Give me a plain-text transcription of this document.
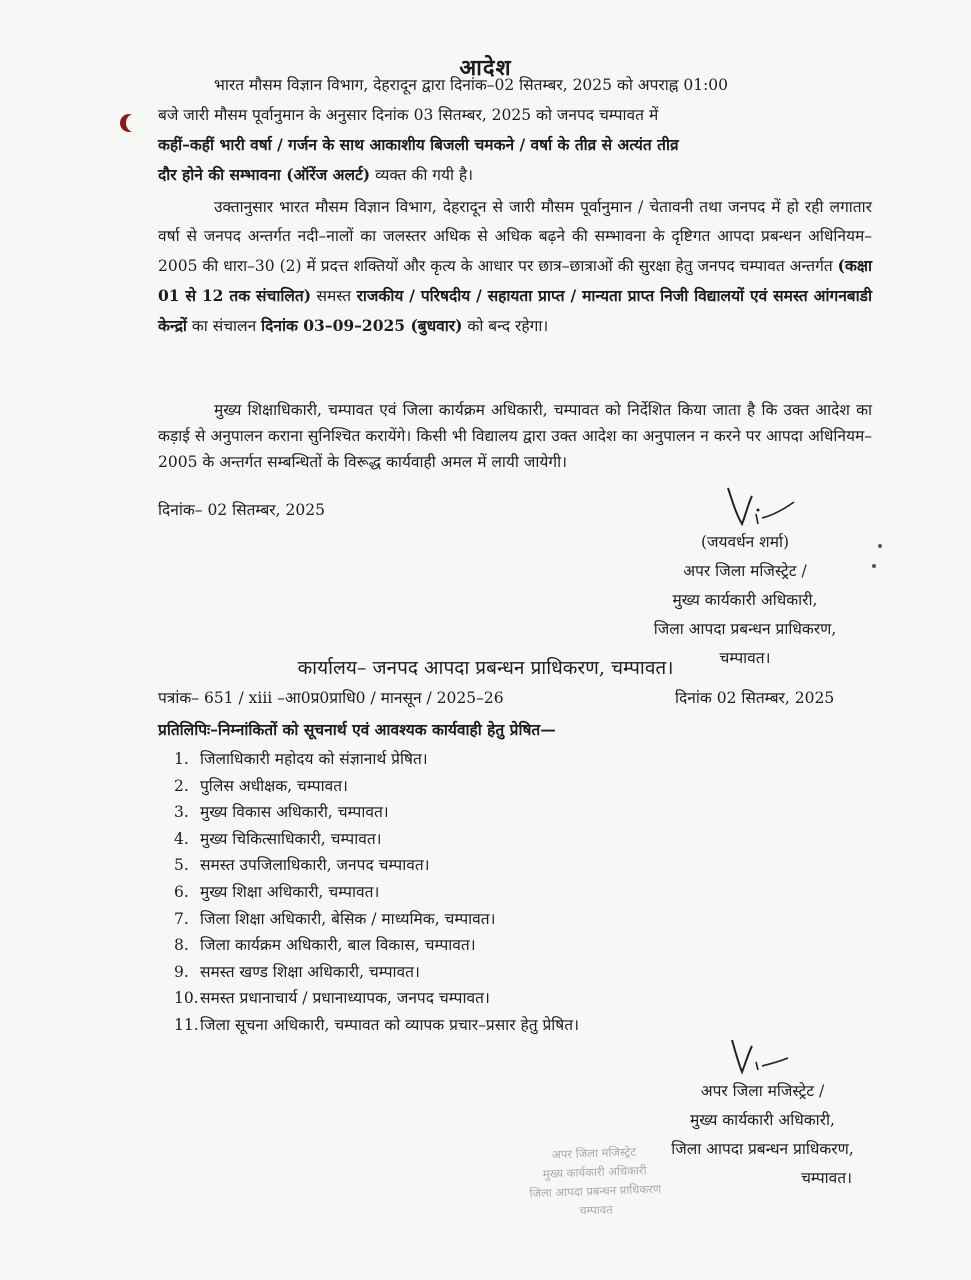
आदेश
भारत मौसम विज्ञान विभाग, देहरादून द्वारा दिनांक–02 सितम्बर, 2025 को अपराह्न 01:00
बजे जारी मौसम पूर्वानुमान के अनुसार दिनांक 03 सितम्बर, 2025 को जनपद चम्पावत में
कहीं–कहीं भारी वर्षा / गर्जन के साथ आकाशीय बिजली चमकने / वर्षा के तीव्र से अत्यंत तीव्र
दौर होने की सम्भावना (ऑरेंज अलर्ट) व्यक्त की गयी है।

उक्तानुसार भारत मौसम विज्ञान विभाग, देहरादून से जारी मौसम पूर्वानुमान / चेतावनी तथा जनपद में हो रही लगातार वर्षा से जनपद अन्तर्गत नदी–नालों का जलस्तर अधिक से अधिक बढ़ने की सम्भावना के दृष्टिगत आपदा प्रबन्धन अधिनियम–2005 की धारा–30 (2) में प्रदत्त शक्तियों और कृत्य के आधार पर छात्र–छात्राओं की सुरक्षा हेतु जनपद चम्पावत अन्तर्गत (कक्षा 01 से 12 तक संचालित) समस्त राजकीय / परिषदीय / सहायता प्राप्त / मान्यता प्राप्त निजी विद्यालयों एवं समस्त आंगनबाडी केन्द्रों का संचालन दिनांक 03–09–2025 (बुधवार) को बन्द रहेगा।

मुख्य शिक्षाधिकारी, चम्पावत एवं जिला कार्यक्रम अधिकारी, चम्पावत को निर्देशित किया जाता है कि उक्त आदेश का कड़ाई से अनुपालन कराना सुनिश्चित करायेंगे। किसी भी विद्यालय द्वारा उक्त आदेश का अनुपालन न करने पर आपदा अधिनियम–2005 के अन्तर्गत सम्बन्धितों के विरूद्ध कार्यवाही अमल में लायी जायेगी।

दिनांक– 02 सितम्बर, 2025
(जयवर्धन शर्मा)
अपर जिला मजिस्ट्रेट /
मुख्य कार्यकारी अधिकारी,
जिला आपदा प्रबन्धन प्राधिकरण,
चम्पावत।
कार्यालय– जनपद आपदा प्रबन्धन प्राधिकरण, चम्पावत।
पत्रांक– 651 / xiii –आ0प्र0प्राधि0 / मानसून / 2025–26	दिनांक 02 सितम्बर, 2025
प्रतिलिपिः–निम्नांकितों को सूचनार्थ एवं आवश्यक कार्यवाही हेतु प्रेषित—
1. जिलाधिकारी महोदय को संज्ञानार्थ प्रेषित।
2. पुलिस अधीक्षक, चम्पावत।
3. मुख्य विकास अधिकारी, चम्पावत।
4. मुख्य चिकित्साधिकारी, चम्पावत।
5. समस्त उपजिलाधिकारी, जनपद चम्पावत।
6. मुख्य शिक्षा अधिकारी, चम्पावत।
7. जिला शिक्षा अधिकारी, बेसिक / माध्यमिक, चम्पावत।
8. जिला कार्यक्रम अधिकारी, बाल विकास, चम्पावत।
9. समस्त खण्ड शिक्षा अधिकारी, चम्पावत।
10.समस्त प्रधानाचार्य / प्रधानाध्यापक, जनपद चम्पावत।
11.जिला सूचना अधिकारी, चम्पावत को व्यापक प्रचार–प्रसार हेतु प्रेषित।
अपर जिला मजिस्ट्रेट /
मुख्य कार्यकारी अधिकारी,
जिला आपदा प्रबन्धन प्राधिकरण,
चम्पावत।
अपर जिला मजिस्ट्रेट
मुख्य कार्यकारी अधिकारी
जिला आपदा प्रबन्धन प्राधिकरण
चम्पावत
